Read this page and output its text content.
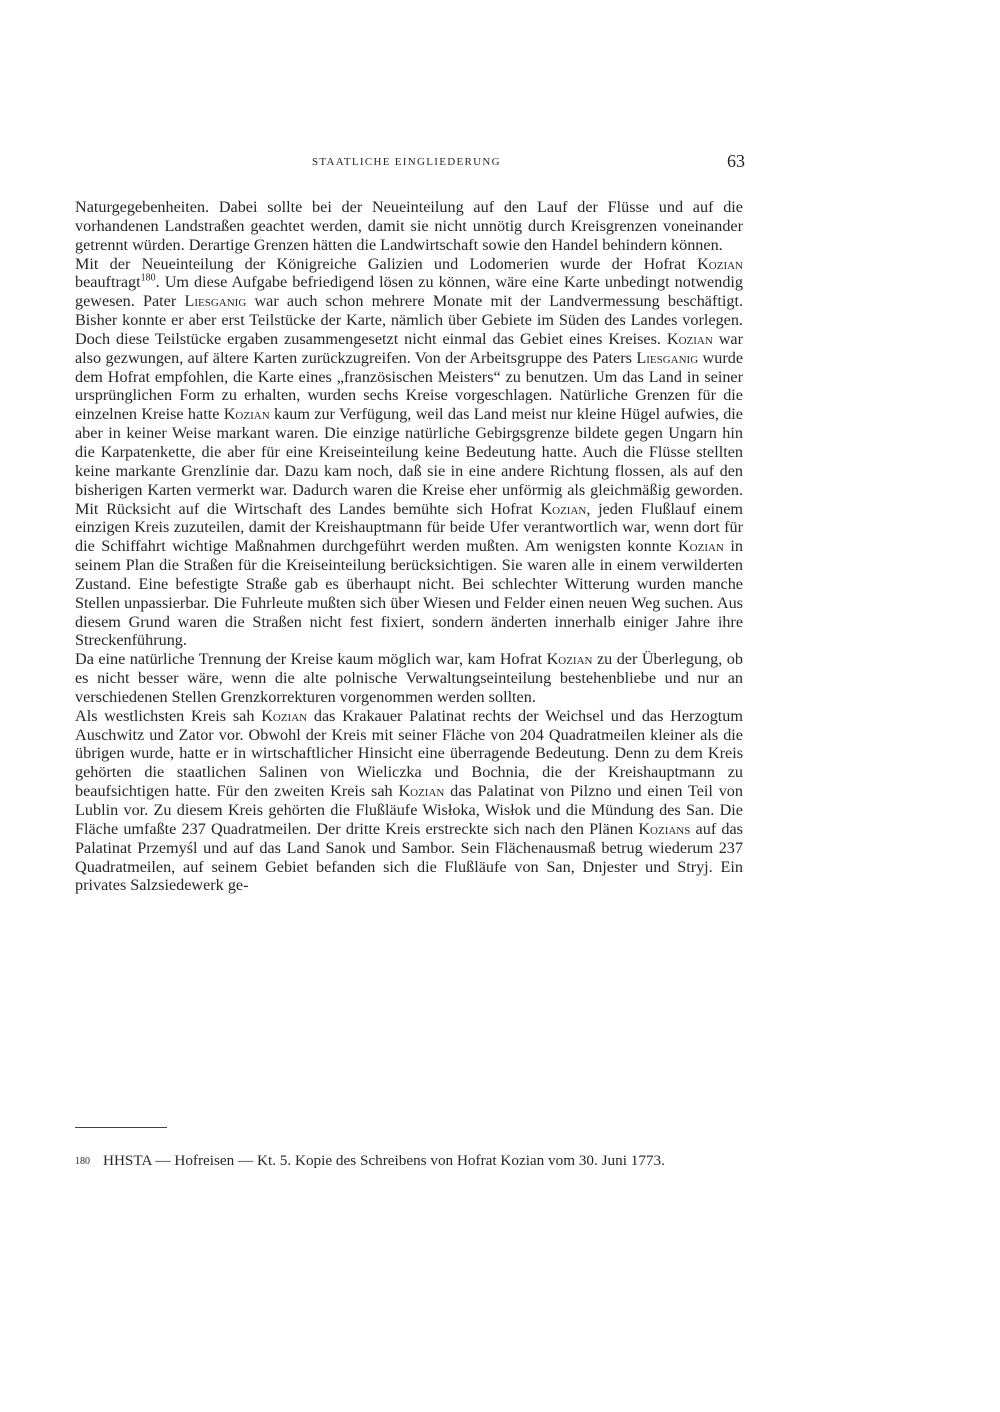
STAATLICHE EINGLIEDERUNG	63

Naturgegebenheiten. Dabei sollte bei der Neueinteilung auf den Lauf der Flüsse und auf die vorhandenen Landstraßen geachtet werden, damit sie nicht unnötig durch Kreisgrenzen voneinander getrennt würden. Derartige Grenzen hätten die Landwirtschaft sowie den Handel behindern können.

Mit der Neueinteilung der Königreiche Galizien und Lodomerien wurde der Hofrat Kozian beauftragt$^{180}$. Um diese Aufgabe befriedigend lösen zu können, wäre eine Karte unbedingt notwendig gewesen. Pater Liesganig war auch schon mehrere Monate mit der Landvermessung beschäftigt. Bisher konnte er aber erst Teilstücke der Karte, nämlich über Gebiete im Süden des Landes vorlegen. Doch diese Teilstücke ergaben zusammengesetzt nicht einmal das Gebiet eines Kreises. Kozian war also gezwungen, auf ältere Karten zurückzugreifen. Von der Arbeitsgruppe des Paters Liesganig wurde dem Hofrat empfohlen, die Karte eines „französischen Meisters“ zu benutzen. Um das Land in seiner ursprünglichen Form zu erhalten, wurden sechs Kreise vorgeschlagen. Natürliche Grenzen für die einzelnen Kreise hatte Kozian kaum zur Verfügung, weil das Land meist nur kleine Hügel aufwies, die aber in keiner Weise markant waren. Die einzige natürliche Gebirgsgrenze bildete gegen Ungarn hin die Karpatenkette, die aber für eine Kreiseinteilung keine Bedeutung hatte. Auch die Flüsse stellten keine markante Grenzlinie dar. Dazu kam noch, daß sie in eine andere Richtung flossen, als auf den bisherigen Karten vermerkt war. Dadurch waren die Kreise eher unförmig als gleichmäßig geworden. Mit Rücksicht auf die Wirtschaft des Landes bemühte sich Hofrat Kozian, jeden Flußlauf einem einzigen Kreis zuzuteilen, damit der Kreishauptmann für beide Ufer verantwortlich war, wenn dort für die Schiffahrt wichtige Maßnahmen durchgeführt werden mußten. Am wenigsten konnte Kozian in seinem Plan die Straßen für die Kreiseinteilung berücksichtigen. Sie waren alle in einem verwilderten Zustand. Eine befestigte Straße gab es überhaupt nicht. Bei schlechter Witterung wurden manche Stellen unpassierbar. Die Fuhrleute mußten sich über Wiesen und Felder einen neuen Weg suchen. Aus diesem Grund waren die Straßen nicht fest fixiert, sondern änderten innerhalb einiger Jahre ihre Streckenführung.

Da eine natürliche Trennung der Kreise kaum möglich war, kam Hofrat Kozian zu der Überlegung, ob es nicht besser wäre, wenn die alte polnische Verwaltungseinteilung bestehenbliebe und nur an verschiedenen Stellen Grenzkorrekturen vorgenommen werden sollten.

Als westlichsten Kreis sah Kozian das Krakauer Palatinat rechts der Weichsel und das Herzogtum Auschwitz und Zator vor. Obwohl der Kreis mit seiner Fläche von 204 Quadratmeilen kleiner als die übrigen wurde, hatte er in wirtschaftlicher Hinsicht eine überragende Bedeutung. Denn zu dem Kreis gehörten die staatlichen Salinen von Wieliczka und Bochnia, die der Kreishauptmann zu beaufsichtigen hatte. Für den zweiten Kreis sah Kozian das Palatinat von Pilzno und einen Teil von Lublin vor. Zu diesem Kreis gehörten die Flußläufe Wisłoka, Wisłok und die Mündung des San. Die Fläche umfaßte 237 Quadratmeilen. Der dritte Kreis erstreckte sich nach den Plänen Kozians auf das Palatinat Przemyśl und auf das Land Sanok und Sambor. Sein Flächenausmaß betrug wiederum 237 Quadratmeilen, auf seinem Gebiet befanden sich die Flußläufe von San, Dnjester und Stryj. Ein privates Salzsiedewerk ge-

180 HHSTA — Hofreisen — Kt. 5. Kopie des Schreibens von Hofrat Kozian vom 30. Juni 1773.
